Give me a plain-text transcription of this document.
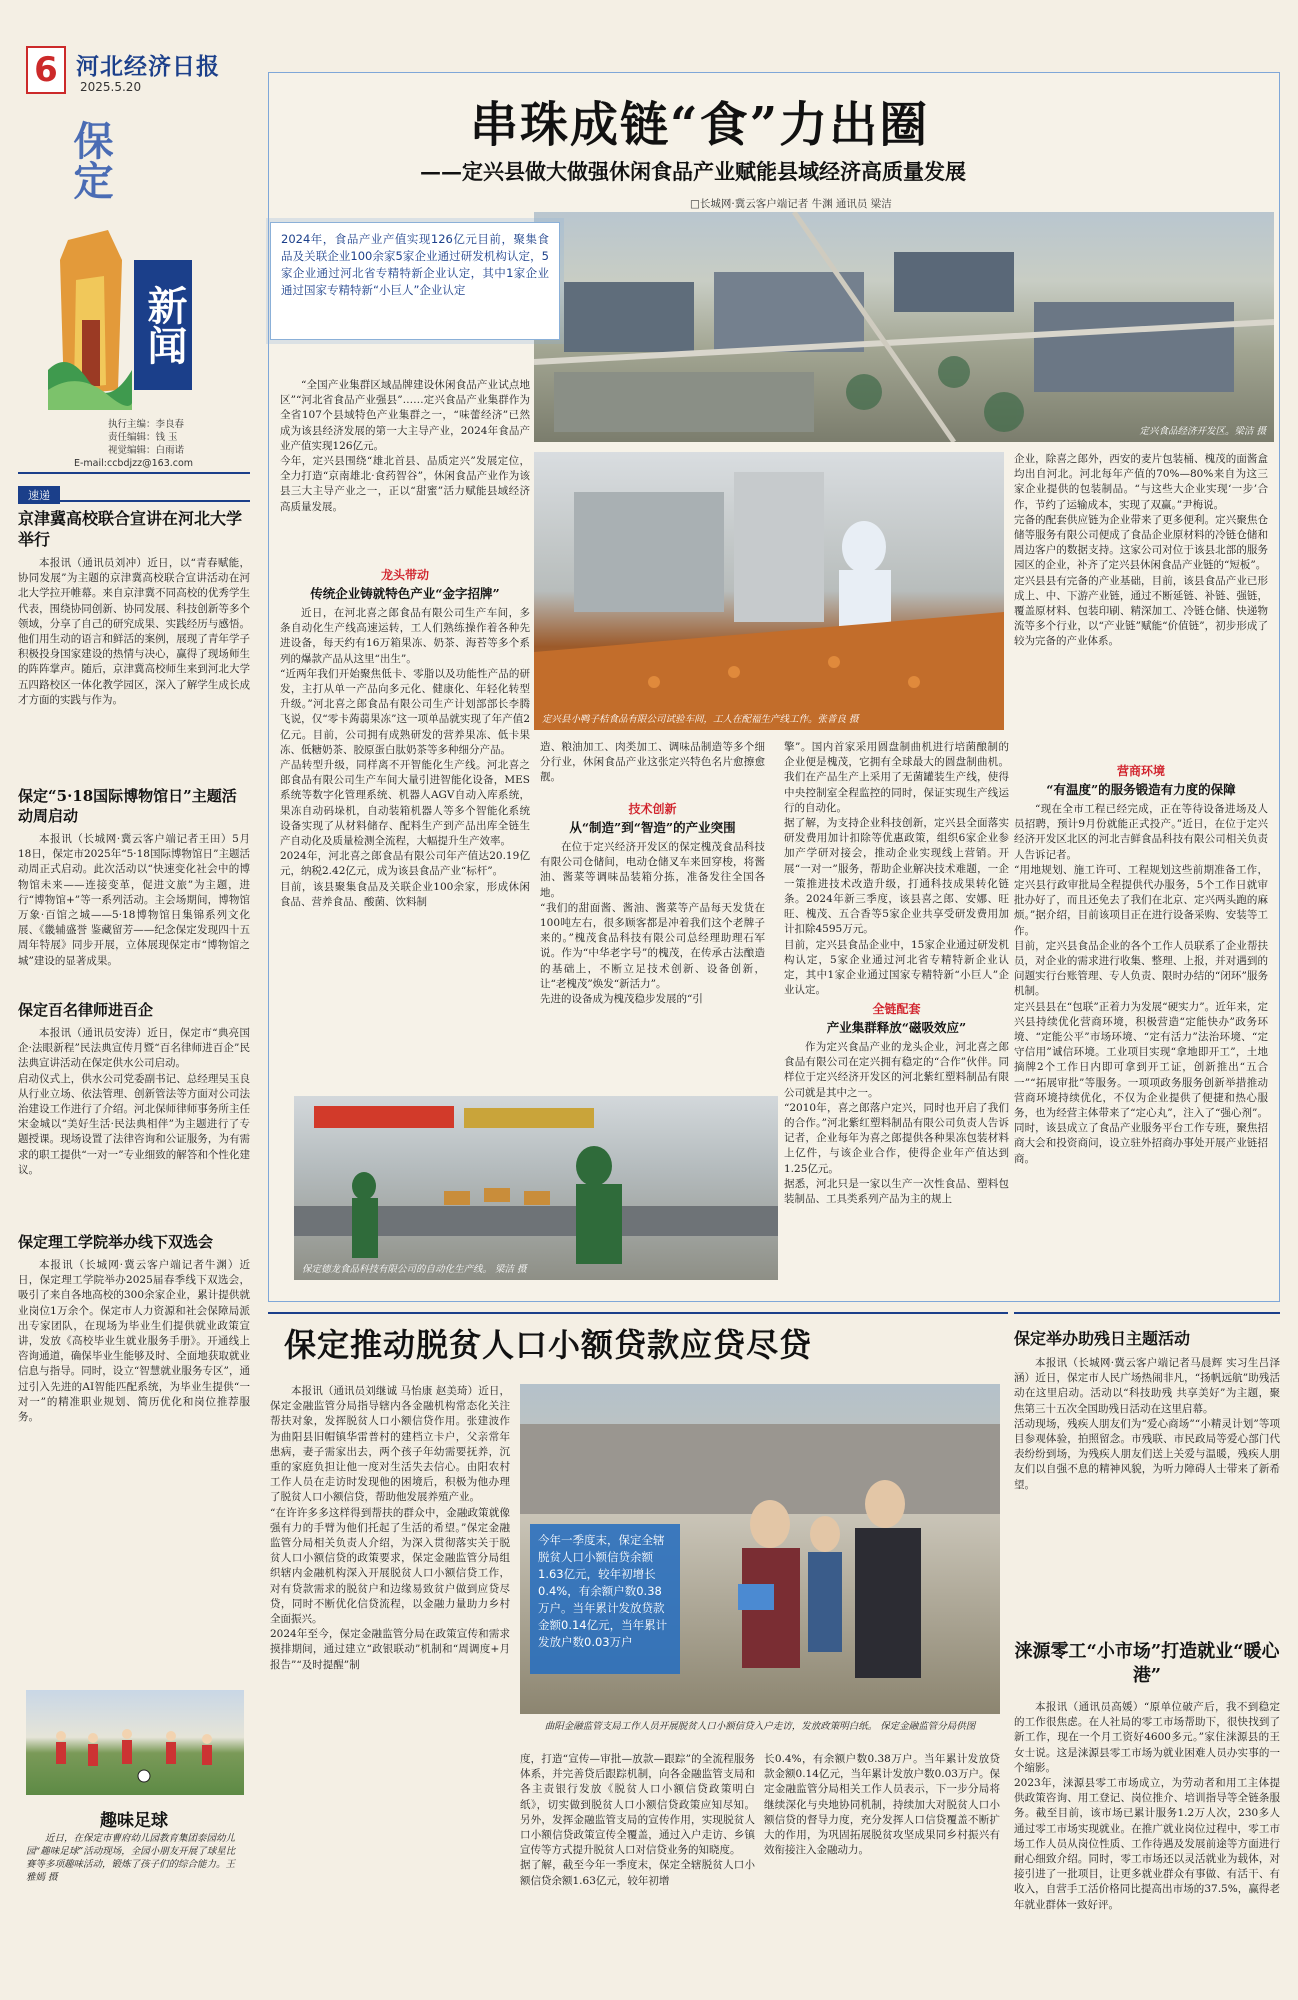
6 河北经济日报
2025.5.20
保定
新闻
执行主编：李良春
责任编辑：钱 玉
视觉编辑：白雨诺
E-mail:ccbdjzz@163.com
速递
京津冀高校联合宣讲在河北大学举行
本报讯（通讯员刘冲）近日，以“青春赋能，协同发展”为主题的京津冀高校联合宣讲活动在河北大学拉开帷幕。来自京津冀不同高校的优秀学生代表，围绕协同创新、协同发展、科技创新等多个领域，分享了自己的研究成果、实践经历与感悟。他们用生动的语言和鲜活的案例，展现了青年学子积极投身国家建设的热情与决心，赢得了现场师生的阵阵掌声。随后，京津冀高校师生来到河北大学五四路校区一体化教学园区，深入了解学生成长成才方面的实践与作为。
保定“5·18国际博物馆日”主题活动周启动
本报讯（长城网·冀云客户端记者王田）5月18日，保定市2025年“5·18国际博物馆日”主题活动周正式启动。此次活动以“快速变化社会中的博物馆未来——连接变革，促进文旅”为主题，进行“博物馆+”等一系列活动。主会场期间，博物馆万象·百馆之城——5·18博物馆日集锦系列文化展、《畿辅盛誉 鉴藏留芳——纪念保定发现四十五周年特展》同步开展，立体展现保定市“博物馆之城”建设的显著成果。
保定百名律师进百企
本报讯（通讯员安涛）近日，保定市“典亮国企·法眼新程”民法典宣传月暨“百名律师进百企”民法典宣讲活动在保定供水公司启动。
启动仪式上，供水公司党委副书记、总经理吴玉良从行业立场、依法管理、创新管法等方面对公司法治建设工作进行了介绍。河北保师律师事务所主任宋金城以“美好生活·民法典相伴”为主题进行了专题授课。现场设置了法律咨询和公证服务，为有需求的职工提供“一对一”专业细致的解答和个性化建议。
保定理工学院举办线下双选会
本报讯（长城网·冀云客户端记者牛渊）近日，保定理工学院举办2025届春季线下双选会，吸引了来自各地高校的300余家企业，累计提供就业岗位1万余个。保定市人力资源和社会保障局派出专家团队，在现场为毕业生们提供就业政策宣讲，发放《高校毕业生就业服务手册》。开通线上咨询通道，确保毕业生能够及时、全面地获取就业信息与指导。同时，设立“智慧就业服务专区”，通过引入先进的AI智能匹配系统，为毕业生提供“一对一”的精准职业规划、简历优化和岗位推荐服务。
趣味足球
近日，在保定市曹府幼儿园教育集团泰园幼儿园“趣味足球”活动现场，全园小朋友开展了球星比赛等多项趣味活动，锻炼了孩子们的综合能力。王雅嫣 摄
串珠成链“食”力出圈
——定兴县做大做强休闲食品产业赋能县域经济高质量发展
□长城网·冀云客户端记者 牛渊 通讯员 梁洁
定兴食品经济开发区。梁洁 摄
2024年，食品产业产值实现126亿元目前，聚集食品及关联企业100余家5家企业通过研发机构认定，5家企业通过河北省专精特新企业认定，其中1家企业通过国家专精特新“小巨人”企业认定
“全国产业集群区域品牌建设休闲食品产业试点地区”“河北省食品产业强县”……定兴食品产业集群作为全省107个县域特色产业集群之一，“味蕾经济”已然成为该县经济发展的第一大主导产业，2024年食品产业产值实现126亿元。
今年，定兴县围绕“雄北首县、品质定兴”发展定位，全力打造“京南雄北·食药智谷”，休闲食品产业作为该县三大主导产业之一，正以“甜蜜”活力赋能县域经济高质量发展。
龙头带动
传统企业铸就特色产业“金字招牌”
近日，在河北喜之郎食品有限公司生产车间，多条自动化生产线高速运转，工人们熟练操作着各种先进设备，每天约有16万箱果冻、奶茶、海苔等多个系列的爆款产品从这里“出生”。
“近两年我们开始聚焦低卡、零脂以及功能性产品的研发，主打从单一产品向多元化、健康化、年轻化转型升级。”河北喜之郎食品有限公司生产计划部部长李腾飞说，仅“零卡蒟蒻果冻”这一项单品就实现了年产值2亿元。目前，公司拥有成熟研发的营养果冻、低卡果冻、低糖奶茶、胶原蛋白肽奶茶等多种细分产品。
产品转型升级，同样离不开智能化生产线。河北喜之郎食品有限公司生产车间大量引进智能化设备，MES系统等数字化管理系统、机器人AGV自动入库系统，果冻自动码垛机，自动装箱机器人等多个智能化系统设备实现了从材料储存、配料生产到产品出库全链生产自动化及质量检测全流程，大幅提升生产效率。
2024年，河北喜之郎食品有限公司年产值达20.19亿元，纳税2.42亿元，成为该县食品产业“标杆”。
目前，该县聚集食品及关联企业100余家，形成休闲食品、营养食品、酸菌、饮料制
定兴县小鸭子桔食品有限公司试验车间，工人在配福生产线工作。张普良 摄
造、粮油加工、肉类加工、调味品制造等多个细分行业，休闲食品产业这张定兴特色名片愈擦愈靓。
技术创新
从“制造”到“智造”的产业突围
在位于定兴经济开发区的保定槐茂食品科技有限公司仓储间，电动仓储叉车来回穿梭，将酱油、酱菜等调味品装箱分拣，准备发往全国各地。
“我们的甜面酱、酱油、酱菜等产品每天发货在100吨左右，很多顾客都是冲着我们这个老牌子来的。”槐茂食品科技有限公司总经理助理石军说。作为“中华老字号”的槐茂，在传承古法酿造的基础上，不断立足技术创新、设备创新，让“老槐茂”焕发“新活力”。
先进的设备成为槐茂稳步发展的“引
保定德龙食品科技有限公司的自动化生产线。 梁洁 摄
擎”。国内首家采用圆盘制曲机进行培菌酿制的企业便是槐茂，它拥有全球最大的圆盘制曲机。我们在产品生产上采用了无菌罐装生产线，使得中央控制室全程监控的同时，保证实现生产线运行的自动化。
据了解，为支持企业科技创新，定兴县全面落实研发费用加计扣除等优惠政策，组织6家企业参加产学研对接会，推动企业实现线上营销。开展“一对一”服务，帮助企业解决技术难题，一企一策推进技术改造升级，打通科技成果转化链条。2024年新三季度，该县喜之郎、安娜、旺旺、槐茂、五合香等5家企业共享受研发费用加计扣除4595万元。
目前，定兴县食品企业中，15家企业通过研发机构认定，5家企业通过河北省专精特新企业认定，其中1家企业通过国家专精特新“小巨人”企业认定。
企业，除喜之郎外，西安的麦片包装桶、槐茂的面酱盒均出自河北。河北每年产值的70%—80%来自为这三家企业提供的包装制品。“与这些大企业实现‘一步’合作，节约了运输成本，实现了双赢。”尹梅说。
完备的配套供应链为企业带来了更多便利。定兴聚焦仓储等服务有限公司便成了食品企业原材料的冷链仓储和周边客户的数据支持。这家公司对位于该县北部的服务园区的企业，补齐了定兴县休闲食品产业链的“短板”。
定兴县县有完备的产业基础，目前，该县食品产业已形成上、中、下游产业链，通过不断延链、补链、强链，覆盖原材料、包装印刷、精深加工、冷链仓储、快递物流等多个行业，以“产业链”赋能“价值链”，初步形成了较为完备的产业体系。
营商环境
“有温度”的服务锻造有力度的保障
“现在全市工程已经完成，正在等待设备进场及人员招聘，预计9月份就能正式投产。”近日，在位于定兴经济开发区北区的河北吉鲜食品科技有限公司相关负责人告诉记者。
“用地规划、施工许可、工程规划这些前期准备工作，定兴县行政审批局全程提供代办服务，5个工作日就审批办好了，而且还免去了我们在北京、定兴两头跑的麻烦。”据介绍，目前该项目正在进行设备采购、安装等工作。
目前，定兴县食品企业的各个工作人员联系了企业帮扶员，对企业的需求进行收集、整理、上报，并对遇到的问题实行台账管理、专人负责、限时办结的“闭环”服务机制。
定兴县县在“包联”正着力为发展“硬实力”。近年来，定兴县持续优化营商环境，积极营造“定能快办”政务环境、“定能公平”市场环境、“定有活力”法治环境、“定守信用”诚信环境。工业项目实现“拿地即开工”，土地摘牌2个工作日内即可拿到开工证，创新推出“五合一”“拓展审批”等服务。一项项政务服务创新举措推动营商环境持续优化，不仅为企业提供了便捷和热心服务，也为经营主体带来了“定心丸”，注入了“强心剂”。同时，该县成立了食品产业服务平台工作专班，聚焦招商大会和投资商问，设立驻外招商办事处开展产业链招商。
保定推动脱贫人口小额贷款应贷尽贷
本报讯（通讯员刘继诚 马怡康 赵美琦）近日，保定金融监管分局指导辖内各金融机构常态化关注帮扶对象，发挥脱贫人口小额信贷作用。张建波作为曲阳县旧帽镇华雷普村的建档立卡户，父亲常年患病，妻子需家出去，两个孩子年幼需要抚养，沉重的家庭负担让他一度对生活失去信心。由阳农村工作人员在走访时发现他的困境后，积极为他办理了脱贫人口小额信贷，帮助他发展养殖产业。
“在许许多多这样得到帮扶的群众中，金融政策就像强有力的手臂为他们托起了生活的希望。”保定金融监管分局相关负责人介绍，为深入贯彻落实关于脱贫人口小额信贷的政策要求，保定金融监管分局组织辖内金融机构深入开展脱贫人口小额信贷工作，对有贷款需求的脱贫户和边缘易致贫户做到应贷尽贷，同时不断优化信贷流程，以金融力量助力乡村全面振兴。
2024年至今，保定金融监管分局在政策宣传和需求摸排期间，通过建立“政银联动”机制和“周调度+月报告”“及时提醒”制
今年一季度末，保定全辖脱贫人口小额信贷余额1.63亿元，较年初增长0.4%，有余额户数0.38万户。当年累计发放贷款金额0.14亿元，当年累计发放户数0.03万户
曲阳金融监管支局工作人员开展脱贫人口小额信贷入户走访，发放政策明白纸。 保定金融监管分局供图
度，打造“宣传—审批—放款—跟踪”的全流程服务体系，并完善贷后跟踪机制，向各金融监管支局和各主责银行发放《脱贫人口小额信贷政策明白纸》，切实做到脱贫人口小额信贷政策应知尽知。另外，发挥金融监管支局的宣传作用，实现脱贫人口小额信贷政策宣传全覆盖，通过入户走访、乡镇宣传等方式提升脱贫人口对信贷业务的知晓度。
据了解，截至今年一季度末，保定全辖脱贫人口小额信贷余额1.63亿元，较年初增
长0.4%，有余额户数0.38万户。当年累计发放贷款金额0.14亿元，当年累计发放户数0.03万户。保定金融监管分局相关工作人员表示，下一步分局将继续深化与央地协同机制，持续加大对脱贫人口小额信贷的督导力度，充分发挥人口信贷覆盖不断扩大的作用，为巩固拓展脱贫攻坚成果同乡村振兴有效衔接注入金融动力。
保定举办助残日主题活动
本报讯（长城网·冀云客户端记者马晨辉 实习生吕泽涵）近日，保定市人民广场热闹非凡，“扬帆远航”助残活动在这里启动。活动以“科技助残 共享美好”为主题，聚焦第三十五次全国助残日活动在这里启幕。
活动现场，残疾人朋友们为“爱心商场”“小精灵计划”等项目参观体验，拍照留念。市残联、市民政局等爱心部门代表纷纷到场，为残疾人朋友们送上关爱与温暖，残疾人朋友们以自强不息的精神风貌，为听力障碍人士带来了新希望。
涞源零工“小市场”打造就业“暖心港”
本报讯（通讯员高媛）“原单位破产后，我不到稳定的工作很焦虑。在人社局的零工市场帮助下，很快找到了新工作，现在一个月工资好4600多元。”家住涞源县的王女士说。这是涞源县零工市场为就业困难人员办实事的一个缩影。
2023年，涞源县零工市场成立，为劳动者和用工主体提供政策咨询、用工登记、岗位推介、培训指导等全链条服务。截至目前，该市场已累计服务1.2万人次，230多人通过零工市场实现就业。在推广就业岗位过程中，零工市场工作人员从岗位性质、工作待遇及发展前途等方面进行耐心细致介绍。同时，零工市场还以灵活就业为载体，对接引进了一批项目，让更多就业群众有事做、有活干、有收入，自营手工活价格同比提高出市场的37.5%，赢得老年就业群体一致好评。
全链配套
产业集群释放“磁吸效应”
作为定兴食品产业的龙头企业，河北喜之郎食品有限公司在定兴拥有稳定的“合作”伙伴。同样位于定兴经济开发区的河北紫红塑料制品有限公司就是其中之一。
“2010年，喜之郎落户定兴，同时也开启了我们的合作。”河北紫红塑料制品有限公司负责人告诉记者，企业每年为喜之郎提供各种果冻包装材料上亿件，与该企业合作，使得企业年产值达到1.25亿元。
据悉，河北只是一家以生产一次性食品、塑料包装制品、工具类系列产品为主的规上
